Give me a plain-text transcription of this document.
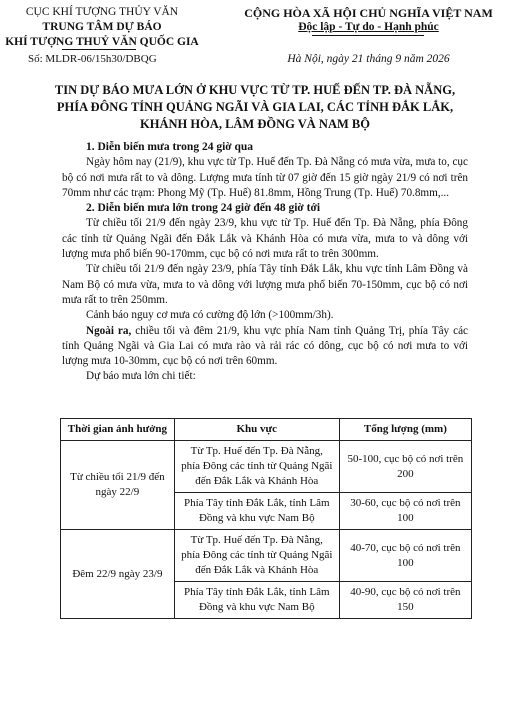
CỤC KHÍ TƯỢNG THỦY VĂN
TRUNG TÂM DỰ BÁO
KHÍ TƯỢNG THUỶ VĂN QUỐC GIA
Số: MLDR-06/15h30/DBQG
CỘNG HÒA XÃ HỘI CHỦ NGHĨA VIỆT NAM
Độc lập - Tự do - Hạnh phúc
Hà Nội, ngày 21 tháng 9 năm 2026
TIN DỰ BÁO MƯA LỚN Ở KHU VỰC TỪ TP. HUẾ ĐẾN TP. ĐÀ NẴNG, PHÍA ĐÔNG TỈNH QUẢNG NGÃI VÀ GIA LAI, CÁC TỈNH ĐẮK LẮK, KHÁNH HÒA, LÂM ĐỒNG VÀ NAM BỘ
1. Diễn biến mưa trong 24 giờ qua

Ngày hôm nay (21/9), khu vực từ Tp. Huế đến Tp. Đà Nẵng có mưa vừa, mưa to, cục bộ có nơi mưa rất to và dông. Lượng mưa tính từ 07 giờ đến 15 giờ ngày 21/9 có nơi trên 70mm như các trạm: Phong Mỹ (Tp. Huế) 81.8mm, Hồng Trung (Tp. Huế) 70.8mm,...

2. Diễn biến mưa lớn trong 24 giờ đến 48 giờ tới

Từ chiều tối 21/9 đến ngày 23/9, khu vực từ Tp. Huế đến Tp. Đà Nẵng, phía Đông các tỉnh từ Quảng Ngãi đến Đắk Lắk và Khánh Hòa có mưa vừa, mưa to và dông với lượng mưa phổ biến 90-170mm, cục bộ có nơi mưa rất to trên 300mm.

Từ chiều tối 21/9 đến ngày 23/9, phía Tây tỉnh Đắk Lắk, khu vực tỉnh Lâm Đồng và Nam Bộ có mưa vừa, mưa to và dông với lượng mưa phổ biến 70-150mm, cục bộ có nơi mưa rất to trên 250mm.

Cảnh báo nguy cơ mưa có cường độ lớn (>100mm/3h).

Ngoài ra, chiều tối và đêm 21/9, khu vực phía Nam tỉnh Quảng Trị, phía Tây các tỉnh Quảng Ngãi và Gia Lai có mưa rào và rải rác có dông, cục bộ có nơi mưa to với lượng mưa 10-30mm, cục bộ có nơi trên 60mm.

Dự báo mưa lớn chi tiết:

Thời gian ảnh hưởng	Khu vực	Tổng lượng (mm)
Từ chiều tối 21/9 đến ngày 22/9	Từ Tp. Huế đến Tp. Đà Nẵng, phía Đông các tỉnh từ Quảng Ngãi đến Đắk Lắk và Khánh Hòa	50-100, cục bộ có nơi trên 200
	Phía Tây tỉnh Đắk Lắk, tỉnh Lâm Đồng và khu vực Nam Bộ	30-60, cục bộ có nơi trên 100
Đêm 22/9 ngày 23/9	Từ Tp. Huế đến Tp. Đà Nẵng, phía Đông các tỉnh từ Quảng Ngãi đến Đắk Lắk và Khánh Hòa	40-70, cục bộ có nơi trên 100
	Phía Tây tỉnh Đắk Lắk, tỉnh Lâm Đồng và khu vực Nam Bộ	40-90, cục bộ có nơi trên 150
